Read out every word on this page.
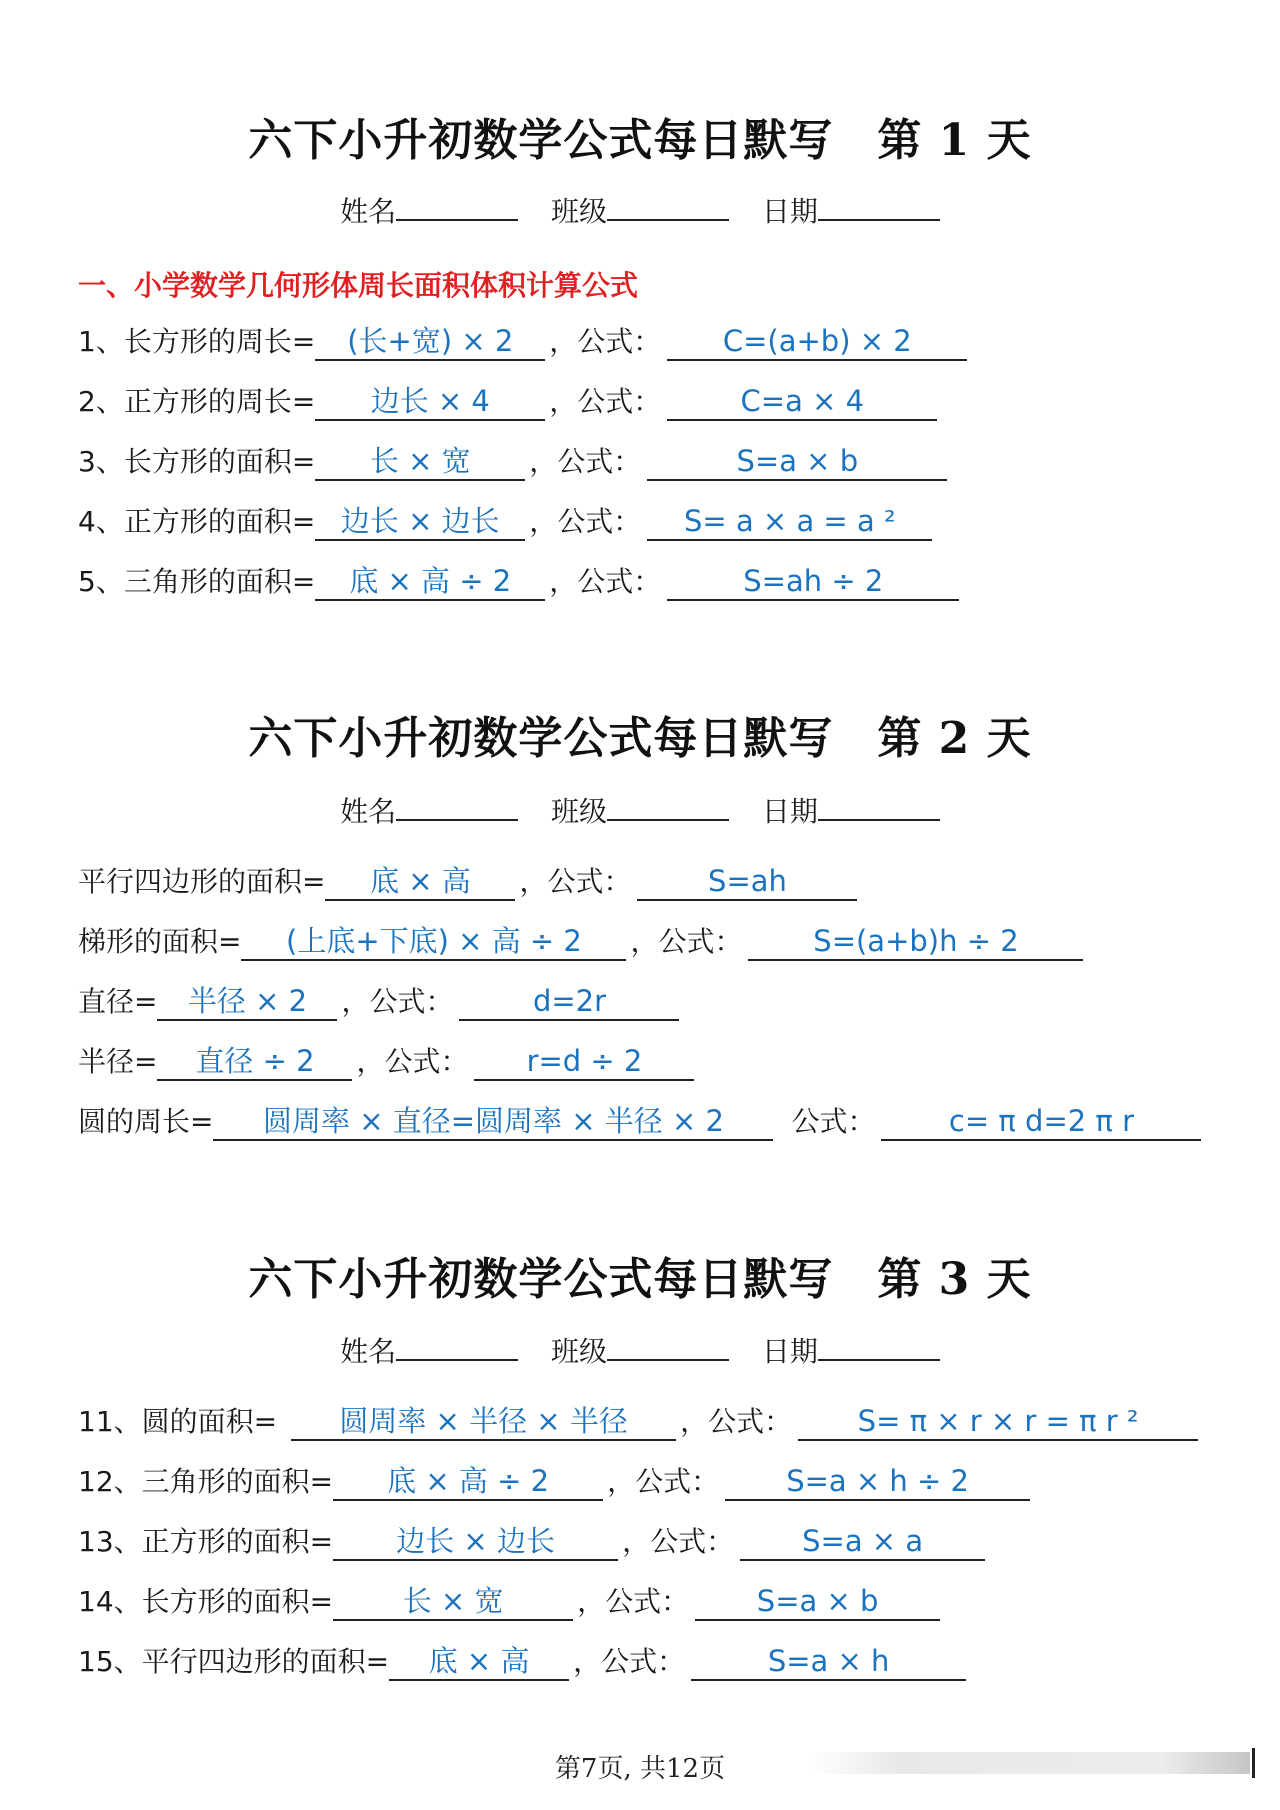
六下小升初数学公式每日默写 第 1 天
姓名	班级	日期
一、小学数学几何形体周长面积体积计算公式
1、长方形的周长= (长+宽) × 2 ，公式： C=(a+b) × 2
2、正方形的周长= 边长 × 4 ，公式：	C=a × 4
3、长方形的面积= 长 × 宽 ，公式：	S=a × b
4、正方形的面积= 边长 × 边长 ，公式： S= a × a = a ²
5、三角形的面积= 底 × 高 ÷ 2 ，公式：	S=ah ÷ 2
六下小升初数学公式每日默写 第 2 天
姓名	班级	日期
平行四边形的面积= 底 × 高 ，公式：	S=ah
梯形的面积= (上底+下底) × 高 ÷ 2 ，公式： S=(a+b)h ÷ 2
直径= 半径 × 2 ，公式：	d=2r
半径= 直径 ÷ 2 ，公式： r=d ÷ 2
圆的周长= 圆周率 × 直径=圆周率 × 半径 × 2 公式：	c= π d=2 π r
六下小升初数学公式每日默写 第 3 天
姓名	班级	日期
11、圆的面积= 圆周率 × 半径 × 半径 ，公式： S= π × r × r = π r ²
12、三角形的面积= 底 × 高 ÷ 2 ，公式： S=a × h ÷ 2
13、正方形的面积= 边长 × 边长 ，公式： S=a × a
14、长方形的面积= 长 × 宽	，公式： S=a × b
15、平行四边形的面积= 底 × 高 ，公式：	S=a × h
第7页, 共12页
